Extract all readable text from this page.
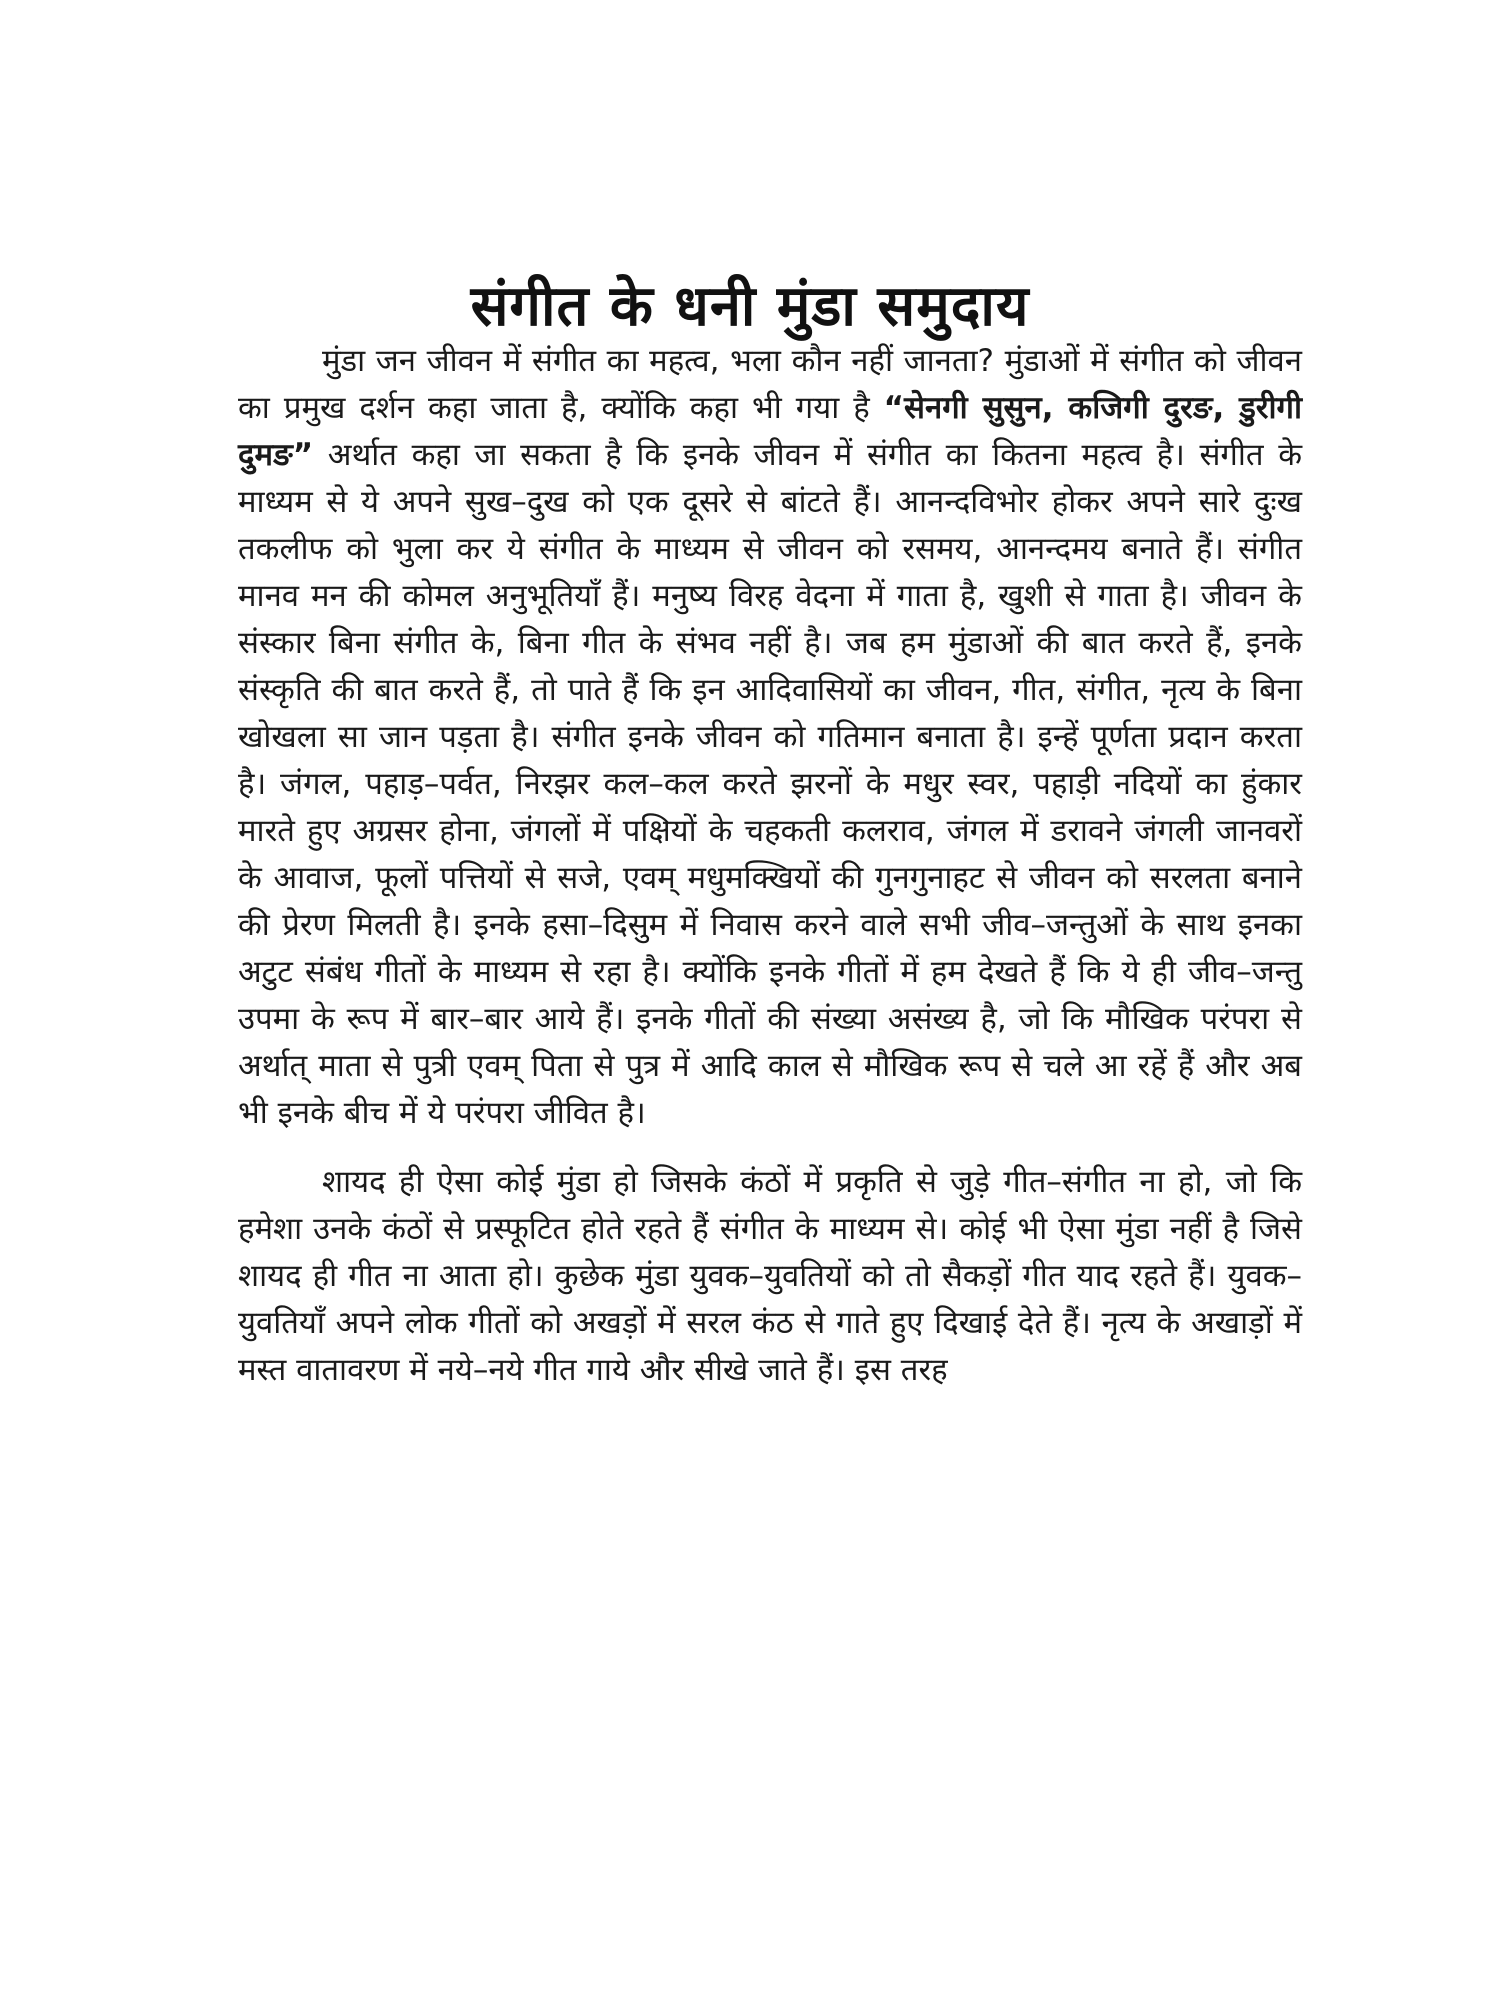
संगीत के धनी मुंडा समुदाय

मुंडा जन जीवन में संगीत का महत्व, भला कौन नहीं जानता? मुंडाओं में संगीत को जीवन का प्रमुख दर्शन कहा जाता है, क्योंकि कहा भी गया है “सेनगी सुसुन, कजिगी दुरङ, डुरीगी दुमङ” अर्थात कहा जा सकता है कि इनके जीवन में संगीत का कितना महत्व है। संगीत के माध्यम से ये अपने सुख–दुख को एक दूसरे से बांटते हैं। आनन्दविभोर होकर अपने सारे दुःख तकलीफ को भुला कर ये संगीत के माध्यम से जीवन को रसमय, आनन्दमय बनाते हैं। संगीत मानव मन की कोमल अनुभूतियाँ हैं। मनुष्य विरह वेदना में गाता है, खुशी से गाता है। जीवन के संस्कार बिना संगीत के, बिना गीत के संभव नहीं है। जब हम मुंडाओं की बात करते हैं, इनके संस्कृति की बात करते हैं, तो पाते हैं कि इन आदिवासियों का जीवन, गीत, संगीत, नृत्य के बिना खोखला सा जान पड़ता है। संगीत इनके जीवन को गतिमान बनाता है। इन्हें पूर्णता प्रदान करता है। जंगल, पहाड़–पर्वत, निरझर कल–कल करते झरनों के मधुर स्वर, पहाड़ी नदियों का हुंकार मारते हुए अग्रसर होना, जंगलों में पक्षियों के चहकती कलराव, जंगल में डरावने जंगली जानवरों के आवाज, फूलों पत्तियों से सजे, एवम् मधुमक्खियों की गुनगुनाहट से जीवन को सरलता बनाने की प्रेरण मिलती है। इनके हसा–दिसुम में निवास करने वाले सभी जीव–जन्तुओं के साथ इनका अटुट संबंध गीतों के माध्यम से रहा है। क्योंकि इनके गीतों में हम देखते हैं कि ये ही जीव–जन्तु उपमा के रूप में बार–बार आये हैं। इनके गीतों की संख्या असंख्य है, जो कि मौखिक परंपरा से अर्थात् माता से पुत्री एवम् पिता से पुत्र में आदि काल से मौखिक रूप से चले आ रहें हैं और अब भी इनके बीच में ये परंपरा जीवित है।

शायद ही ऐसा कोई मुंडा हो जिसके कंठों में प्रकृति से जुड़े गीत–संगीत ना हो, जो कि हमेशा उनके कंठों से प्रस्फूटित होते रहते हैं संगीत के माध्यम से। कोई भी ऐसा मुंडा नहीं है जिसे शायद ही गीत ना आता हो। कुछेक मुंडा युवक–युवतियों को तो सैकड़ों गीत याद रहते हैं। युवक–युवतियाँ अपने लोक गीतों को अखड़ों में सरल कंठ से गाते हुए दिखाई देते हैं। नृत्य के अखाड़ों में मस्त वातावरण में नये–नये गीत गाये और सीखे जाते हैं। इस तरह
